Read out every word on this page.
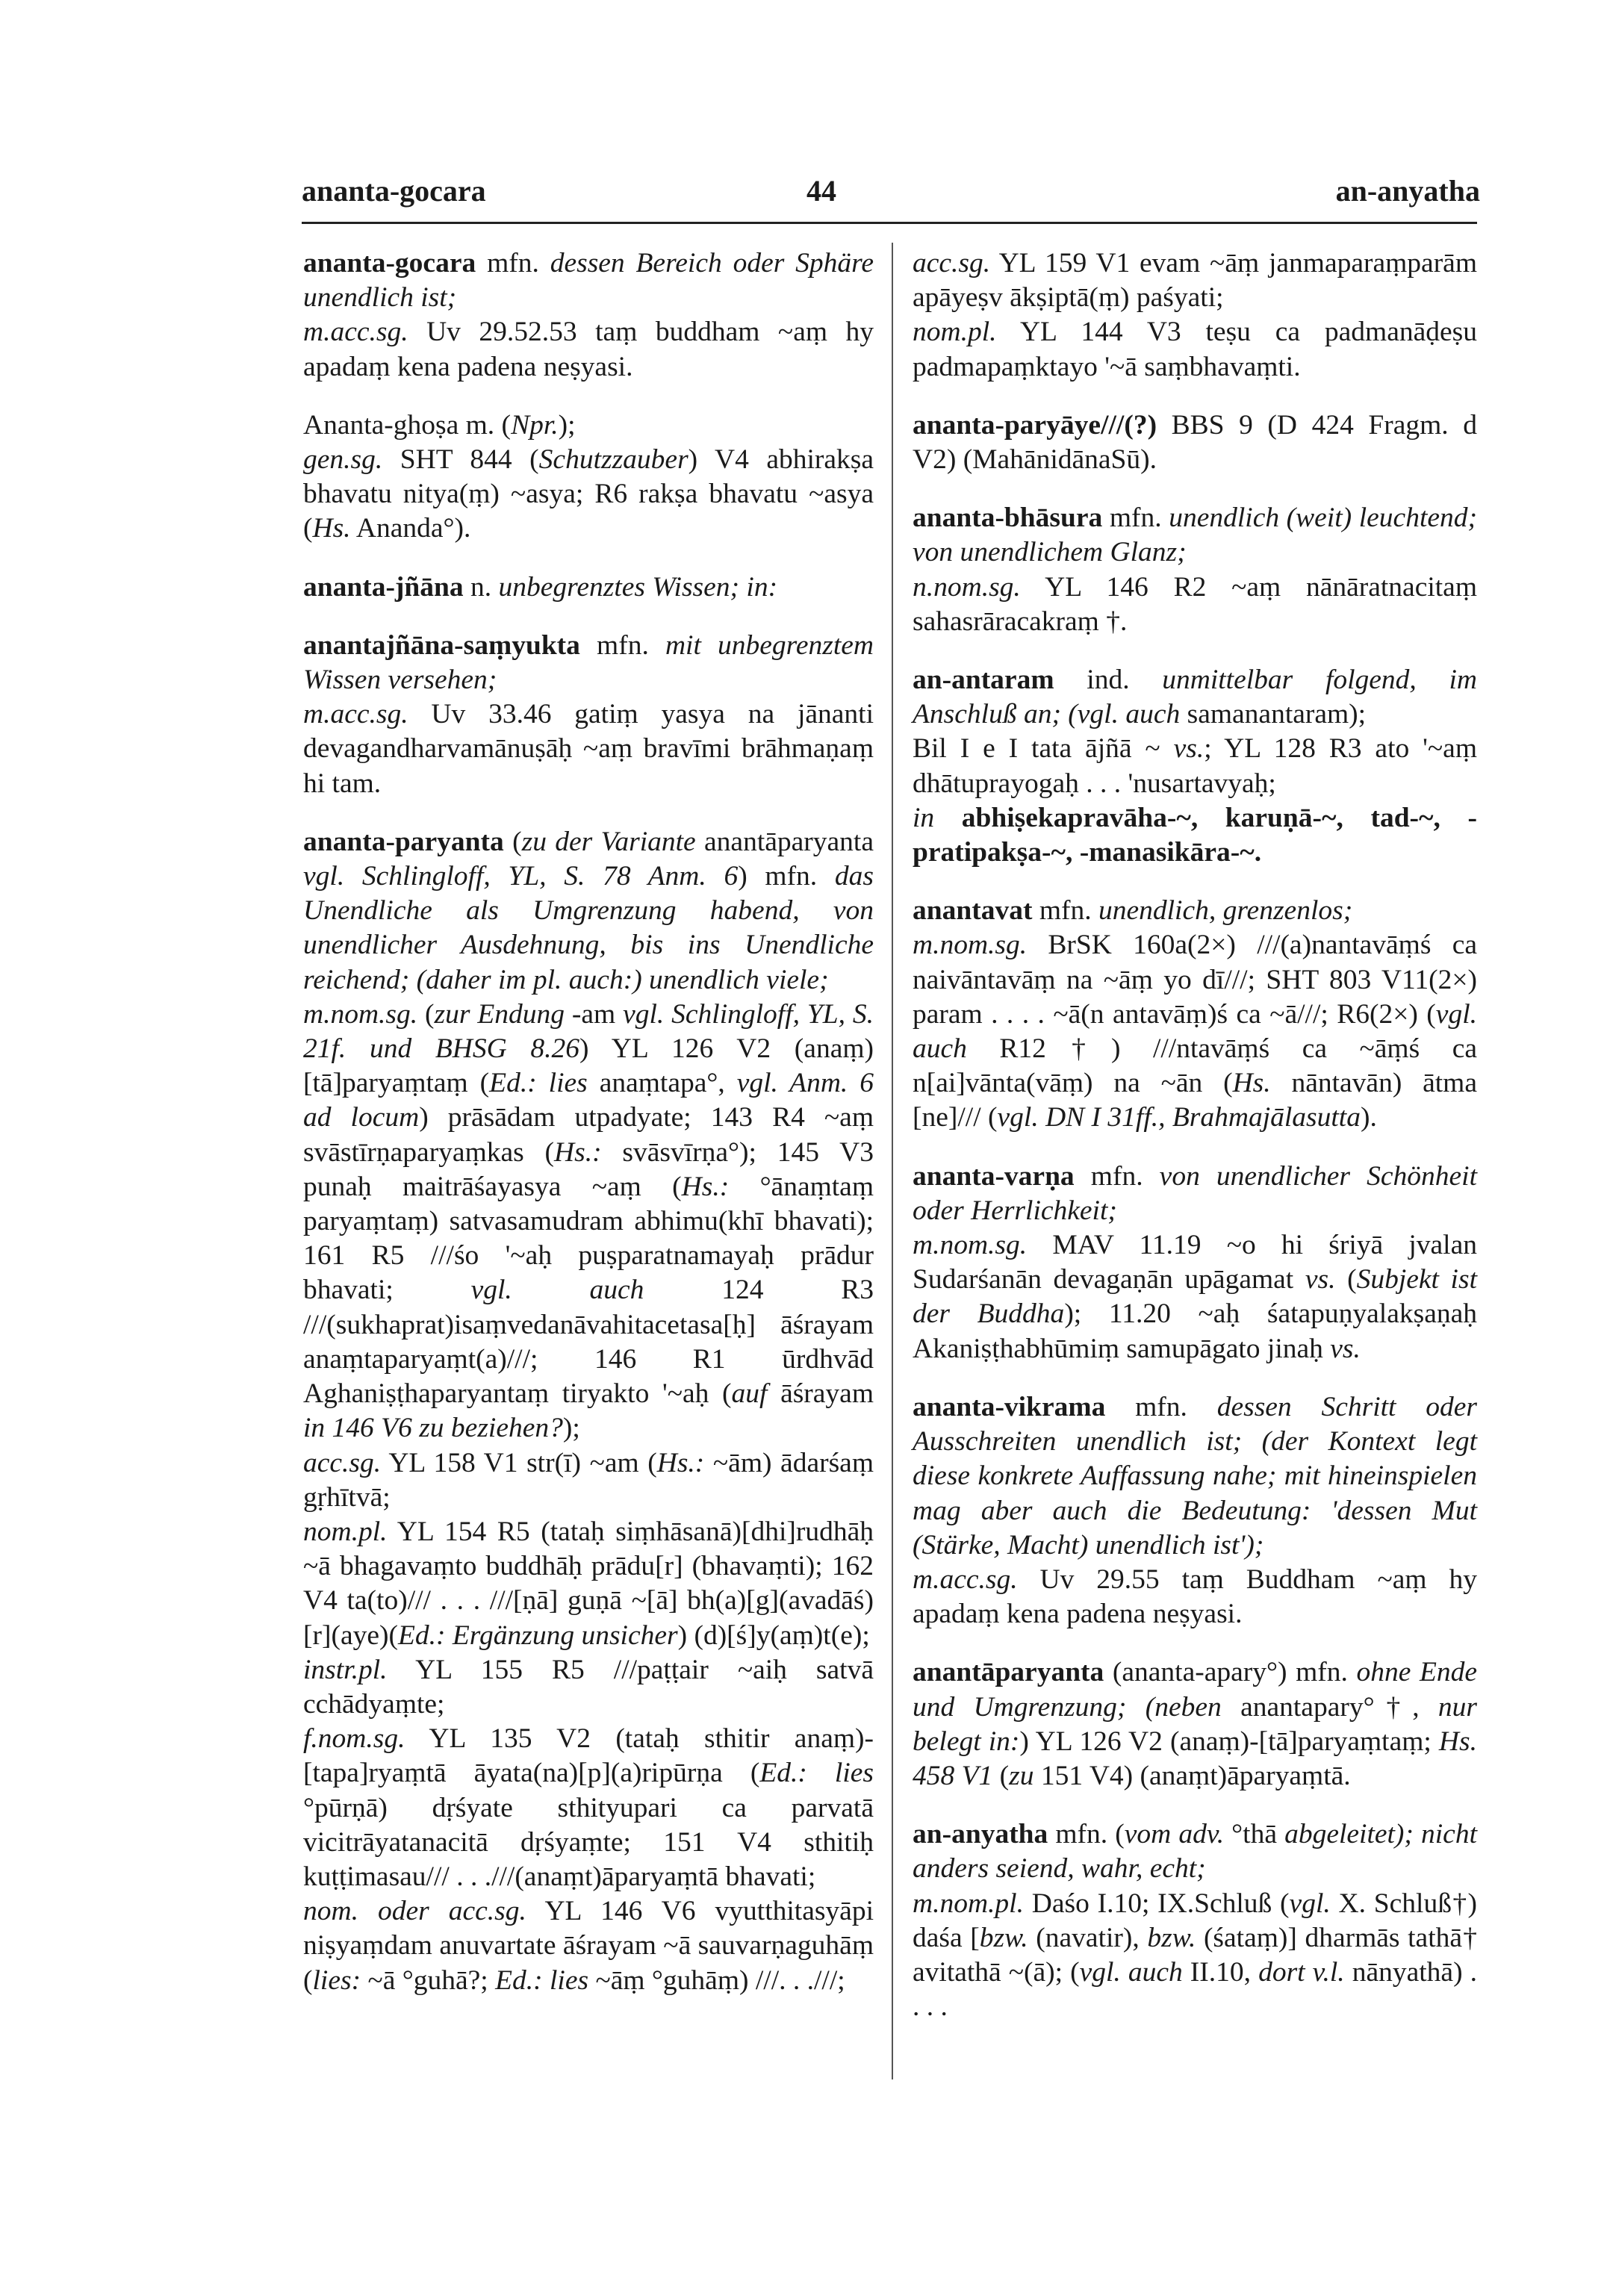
ananta-gocara	44	an-anyatha

ananta-gocara mfn. dessen Bereich oder Sphäre unendlich ist;

m.acc.sg. Uv 29.52.53 taṃ buddham ~aṃ hy apadaṃ kena padena neṣyasi.

Ananta-ghoṣa m. (Npr.);

gen.sg. SHT 844 (Schutzzauber) V4 abhirakṣa bhavatu nitya(ṃ) ~asya; R6 rakṣa bhavatu ~asya (Hs. Ananda°).

ananta-jñāna n. unbegrenztes Wissen; in:

anantajñāna-saṃyukta mfn. mit unbegrenztem Wissen versehen;

m.acc.sg. Uv 33.46 gatiṃ yasya na jānanti devagandharvamānuṣāḥ ~aṃ bravīmi brāhmaṇaṃ hi tam.

ananta-paryanta (zu der Variante anantāparyanta vgl. Schlingloff, YL, S. 78 Anm. 6) mfn. das Unendliche als Umgrenzung habend, von unendlicher Ausdehnung, bis ins Unendliche reichend; (daher im pl. auch:) unendlich viele;

m.nom.sg. (zur Endung -am vgl. Schlingloff, YL, S. 21f. und BHSG 8.26) YL 126 V2 (anaṃ)[tā]paryaṃtaṃ (Ed.: lies anaṃtapa°, vgl. Anm. 6 ad locum) prāsādam utpadyate; 143 R4 ~aṃ svāstīrṇaparyaṃkas (Hs.: svāsvīrṇa°); 145 V3 punaḥ maitrāśayasya ~aṃ (Hs.: °ānaṃtaṃ paryaṃtaṃ) satvasamudram abhimu(khī bhavati); 161 R5 ///śo '~aḥ puṣparatnamayaḥ prādur bhavati; vgl. auch 124 R3 ///(sukhaprat)isaṃvedanāvahitacetasa[ḥ] āśrayam anaṃtaparyaṃt(a)///; 146 R1 ūrdhvād Aghaniṣṭhaparyantaṃ tiryakto '~aḥ (auf āśrayam in 146 V6 zu beziehen?);

acc.sg. YL 158 V1 str(ī) ~am (Hs.: ~ām) ādarśaṃ gṛhītvā;

nom.pl. YL 154 R5 (tataḥ siṃhāsanā)[dhi]rudhāḥ ~ā bhagavaṃto buddhāḥ prādu[r] (bhavaṃti); 162 V4 ta(to)/// . . . ///[ṇā] guṇā ~[ā] bh(a)[g](avadāś)[r](aye)(Ed.: Ergänzung unsicher) (d)[ś]y(aṃ)t(e);

instr.pl. YL 155 R5 ///paṭṭair ~aiḥ satvā cchādyaṃte;

f.nom.sg. YL 135 V2 (tataḥ sthitir anaṃ)-[tapa]ryaṃtā āyata(na)[p](a)ripūrṇa (Ed.: lies °pūrṇā) dṛśyate sthityupari ca parvatā vicitrāyatanacitā dṛśyaṃte; 151 V4 sthitiḥ kuṭṭimasau/// . . .///(anaṃt)āparyaṃtā bhavati;

nom. oder acc.sg. YL 146 V6 vyutthitasyāpi niṣyaṃdam anuvartate āśrayam ~ā sauvarṇaguhāṃ (lies: ~ā °guhā?; Ed.: lies ~āṃ °guhāṃ) ///. . .///;

acc.sg. YL 159 V1 evam ~āṃ janmaparaṃparām apāyeṣv ākṣiptā(ṃ) paśyati;

nom.pl. YL 144 V3 teṣu ca padmanāḍeṣu padmapaṃktayo '~ā saṃbhavaṃti.

ananta-paryāye///(?) BBS 9 (D 424 Fragm. d V2) (MahānidānaSū).

ananta-bhāsura mfn. unendlich (weit) leuchtend; von unendlichem Glanz;

n.nom.sg. YL 146 R2 ~aṃ nānāratnacitaṃ sahasrāracakraṃ †.

an-antaram ind. unmittelbar folgend, im Anschluß an; (vgl. auch samanantaram);

Bil I e I tata ājñā ~ vs.; YL 128 R3 ato '~aṃ dhātuprayogaḥ . . . 'nusartavyaḥ;

in abhiṣekapravāha-~, karuṇā-~, tad-~, -pratipakṣa-~, -manasikāra-~.

anantavat mfn. unendlich, grenzenlos;

m.nom.sg. BrSK 160a(2×) ///(a)nantavāṃś ca naivāntavāṃ na ~āṃ yo dī///; SHT 803 V11(2×) param . . . . ~ā(n antavāṃ)ś ca ~ā///; R6(2×) (vgl. auch R12†) ///ntavāṃś ca ~āṃś ca n[ai]vānta(vāṃ) na ~ān (Hs. nāntavān) ātma [ne]/// (vgl. DN I 31ff., Brahmajālasutta).

ananta-varṇa mfn. von unendlicher Schönheit oder Herrlichkeit;

m.nom.sg. MAV 11.19 ~o hi śriyā jvalan Sudarśanān devagaṇān upāgamat vs. (Subjekt ist der Buddha); 11.20 ~aḥ śatapuṇyalakṣaṇaḥ Akaniṣṭhabhūmiṃ samupāgato jinaḥ vs.

ananta-vikrama mfn. dessen Schritt oder Ausschreiten unendlich ist; (der Kontext legt diese konkrete Auffassung nahe; mit hineinspielen mag aber auch die Bedeutung: 'dessen Mut (Stärke, Macht) unendlich ist');

m.acc.sg. Uv 29.55 taṃ Buddham ~aṃ hy apadaṃ kena padena neṣyasi.

anantāparyanta (ananta-apary°) mfn. ohne Ende und Umgrenzung; (neben anantapary°†, nur belegt in:) YL 126 V2 (anaṃ)-[tā]paryaṃtaṃ; Hs. 458 V1 (zu 151 V4) (anaṃt)āparyaṃtā.

an-anyatha mfn. (vom adv. °thā abgeleitet); nicht anders seiend, wahr, echt;

m.nom.pl. Daśo I.10; IX.Schluß (vgl. X. Schluß†) daśa [bzw. (navatir), bzw. (śataṃ)] dharmās tathā† avitathā ~(ā); (vgl. auch II.10, dort v.l. nānyathā) . . . .
